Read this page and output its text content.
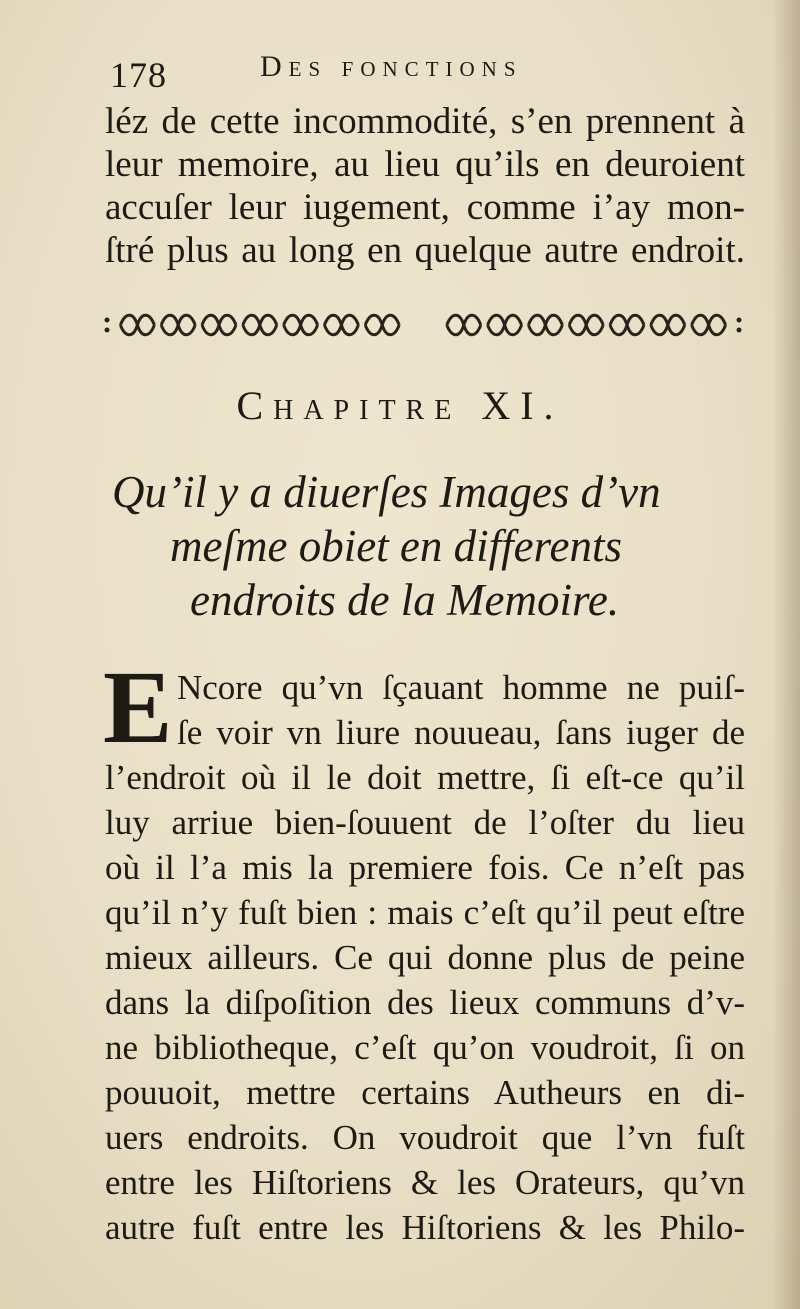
178	Des fonctions
léz de cette incommodité, s’en prennent à
leur memoire, au lieu qu’ils en deuroient
accuſer leur iugement, comme i’ay mon-
ſtré plus au long en quelque autre endroit.
Chapitre XI.
Qu’il y a diuerſes Images d’vn
meſme obiet en differents
endroits de la Memoire.
E Ncore qu’vn ſçauant homme ne puiſ-
ſe voir vn liure nouueau, ſans iuger de
l’endroit où il le doit mettre, ſi eſt-ce qu’il
luy arriue bien-ſouuent de l’oſter du lieu
où il l’a mis la premiere fois. Ce n’eſt pas
qu’il n’y fuſt bien : mais c’eſt qu’il peut eſtre
mieux ailleurs. Ce qui donne plus de peine
dans la diſpoſition des lieux communs d’v-
ne bibliotheque, c’eſt qu’on voudroit, ſi on
pouuoit, mettre certains Autheurs en di-
uers endroits. On voudroit que l’vn fuſt
entre les Hiſtoriens & les Orateurs, qu’vn
autre fuſt entre les Hiſtoriens & les Philo-
